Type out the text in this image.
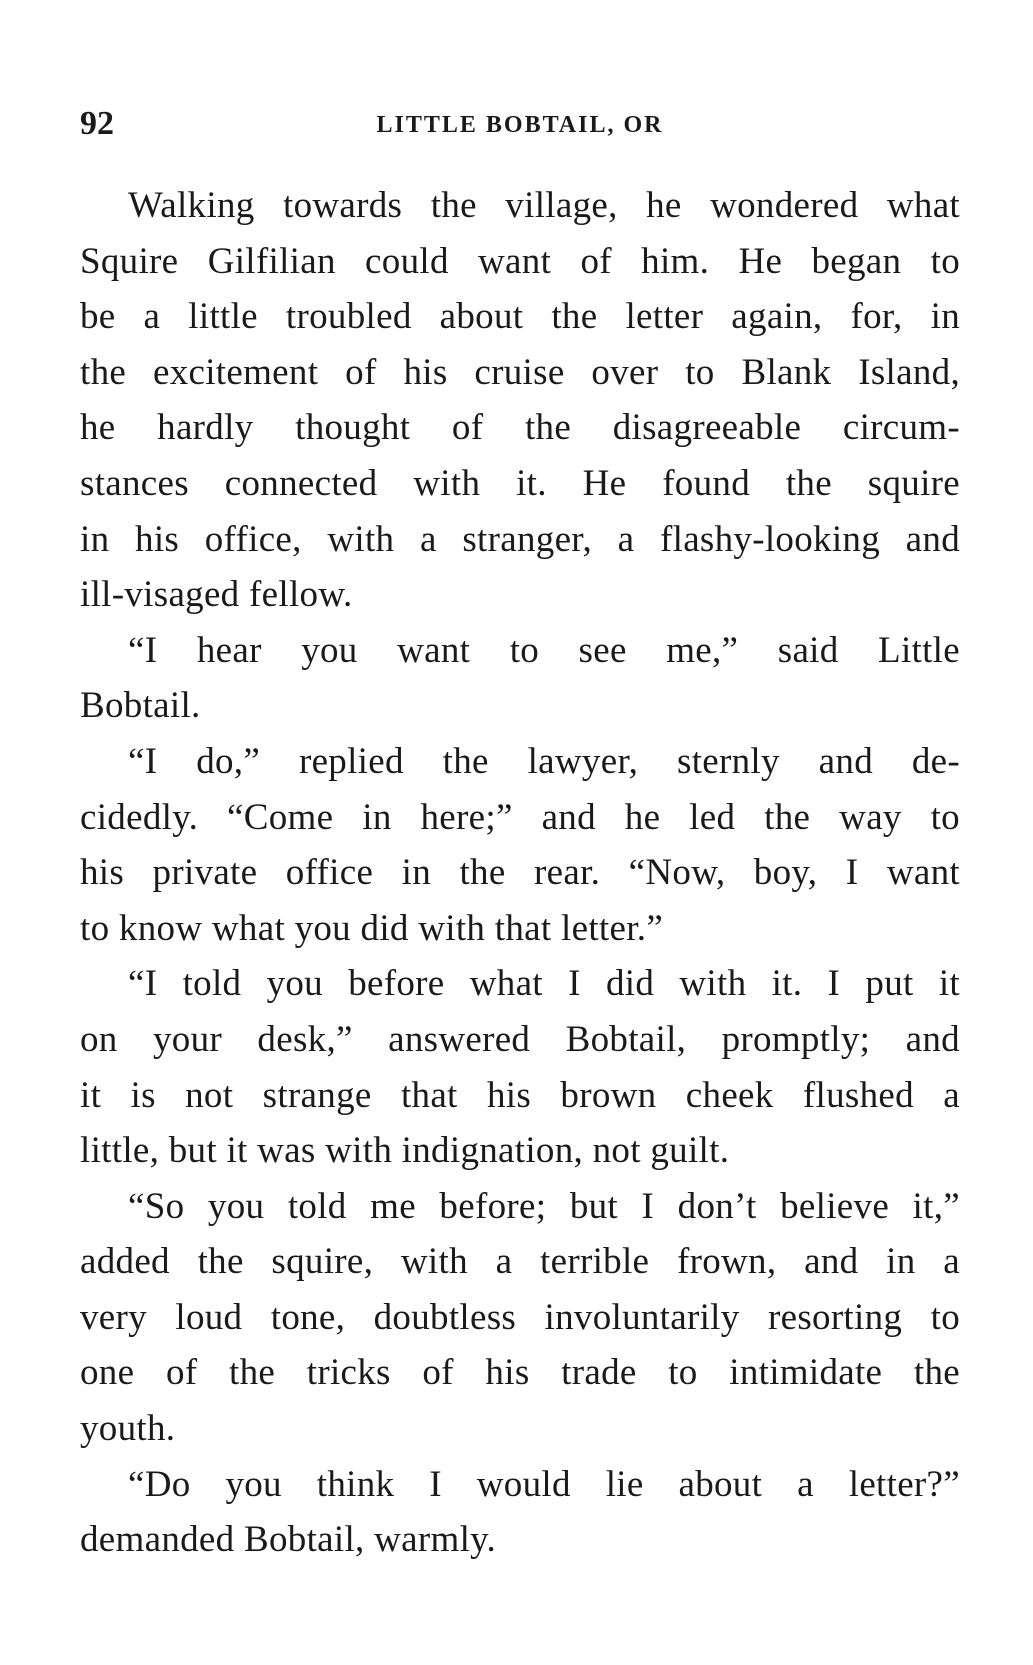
92	LITTLE BOBTAIL, OR
Walking towards the village, he wondered what
Squire Gilfilian could want of him. He began to
be a little troubled about the letter again, for, in
the excitement of his cruise over to Blank Island,
he hardly thought of the disagreeable circum-
stances connected with it. He found the squire
in his office, with a stranger, a flashy-looking and
ill-visaged fellow.
“I hear you want to see me,” said Little
Bobtail.
“I do,” replied the lawyer, sternly and de-
cidedly. “Come in here;” and he led the way to
his private office in the rear. “Now, boy, I want
to know what you did with that letter.”
“I told you before what I did with it. I put it
on your desk,” answered Bobtail, promptly; and
it is not strange that his brown cheek flushed a
little, but it was with indignation, not guilt.
“So you told me before; but I don’t believe it,”
added the squire, with a terrible frown, and in a
very loud tone, doubtless involuntarily resorting to
one of the tricks of his trade to intimidate the
youth.
“Do you think I would lie about a letter?”
demanded Bobtail, warmly.
